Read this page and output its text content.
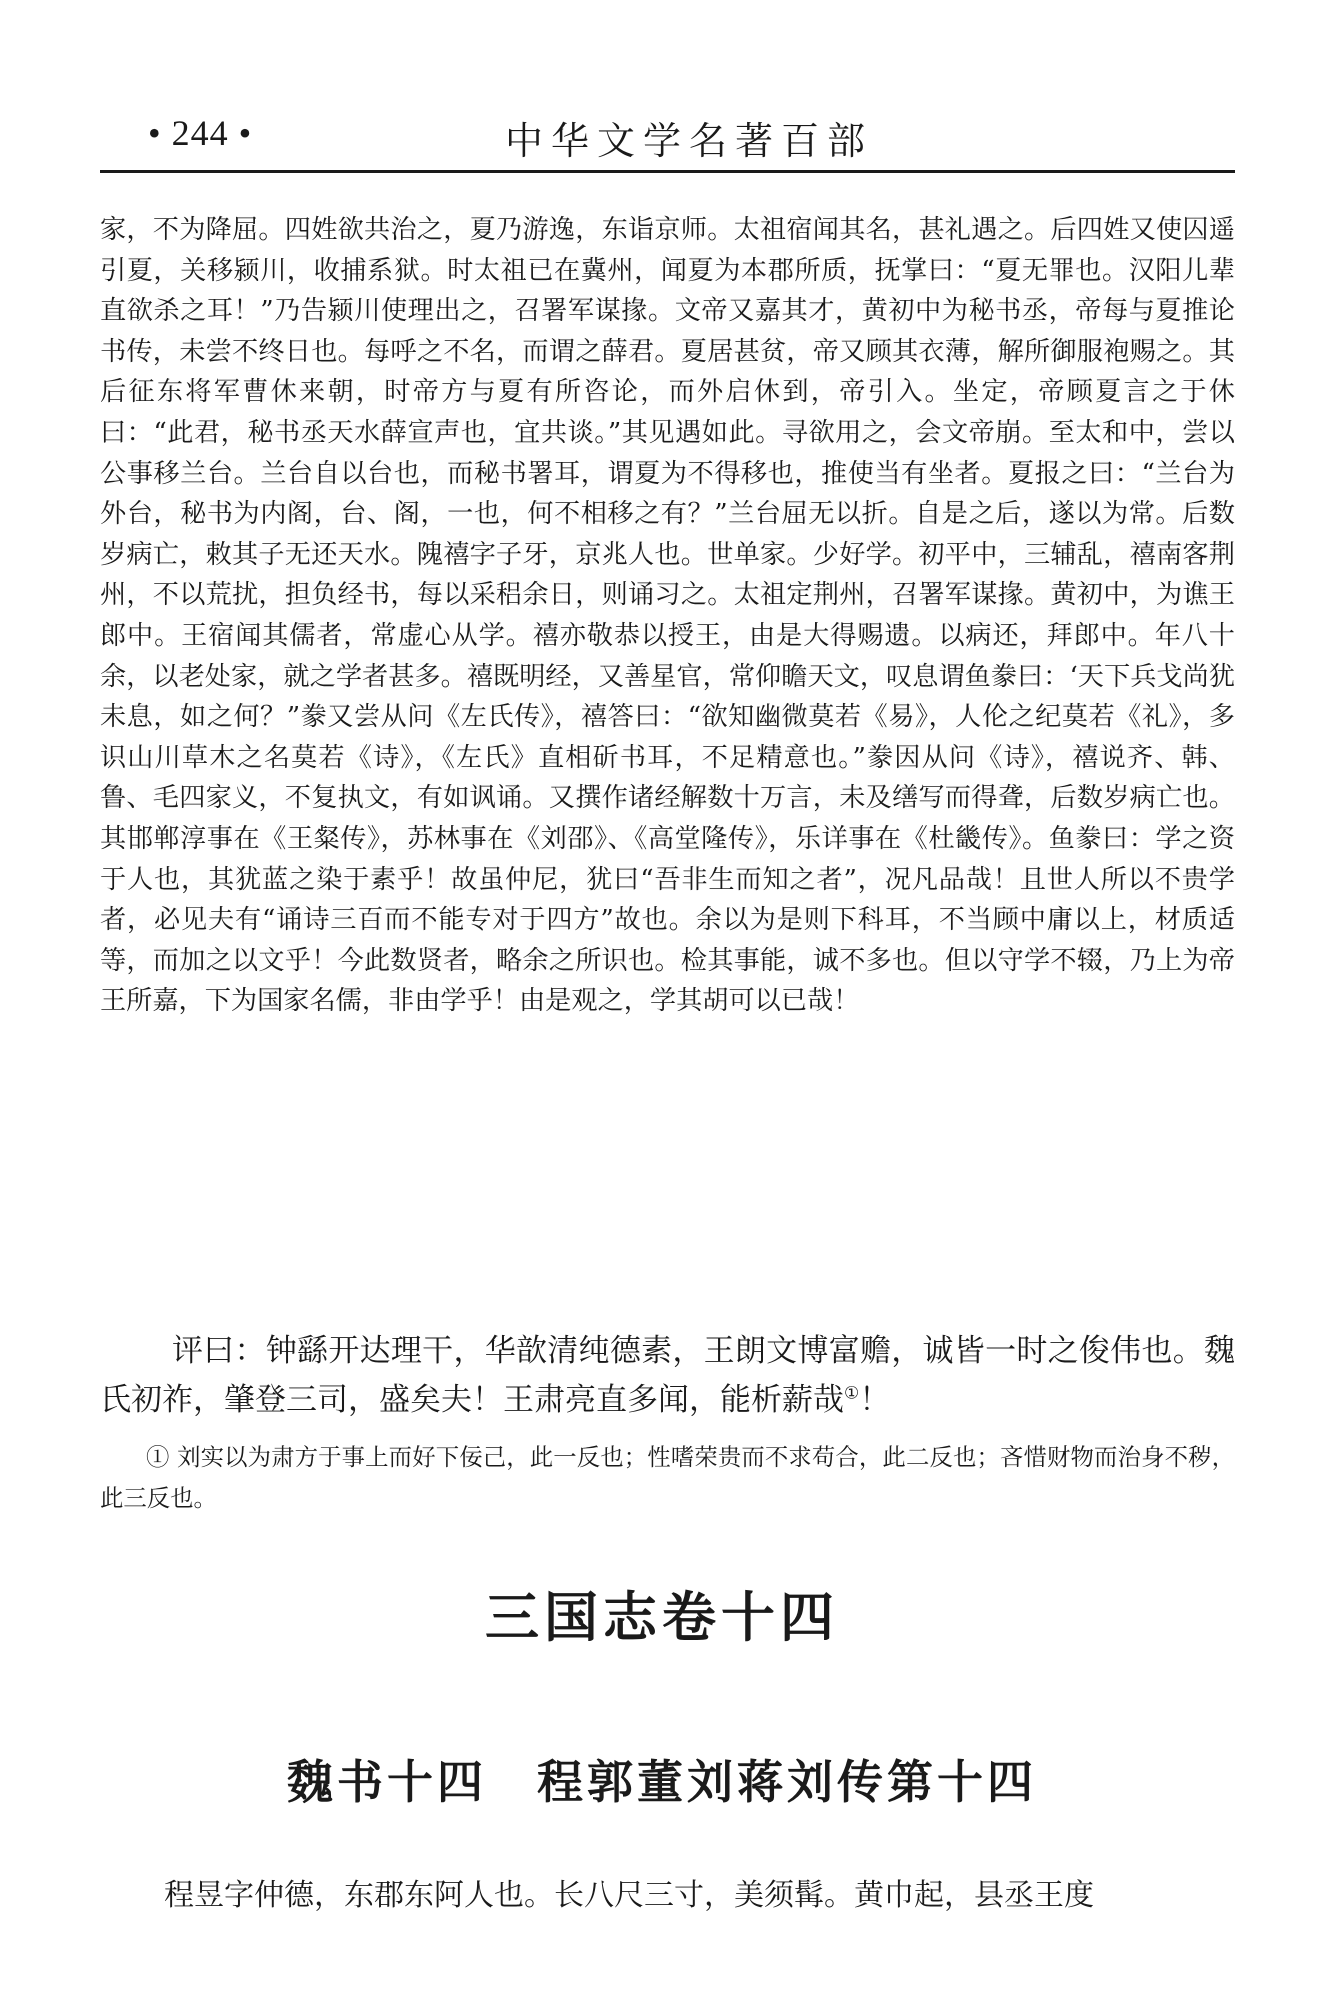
• 244 •	中华文学名著百部

家，不为降屈。四姓欲共治之，夏乃游逸，东诣京师。太祖宿闻其名，甚礼遇之。后四姓又使囚遥引夏，关移颍川，收捕系狱。时太祖已在冀州，闻夏为本郡所质，抚掌曰：“夏无罪也。汉阳儿辈直欲杀之耳！”乃告颍川使理出之，召署军谋掾。文帝又嘉其才，黄初中为秘书丞，帝每与夏推论书传，未尝不终日也。每呼之不名，而谓之薛君。夏居甚贫，帝又顾其衣薄，解所御服袍赐之。其后征东将军曹休来朝，时帝方与夏有所咨论，而外启休到，帝引入。坐定，帝顾夏言之于休曰：“此君，秘书丞天水薛宣声也，宜共谈。”其见遇如此。寻欲用之，会文帝崩。至太和中，尝以公事移兰台。兰台自以台也，而秘书署耳，谓夏为不得移也，推使当有坐者。夏报之曰：“兰台为外台，秘书为内阁，台、阁，一也，何不相移之有？”兰台屈无以折。自是之后，遂以为常。后数岁病亡，敕其子无还天水。隗禧字子牙，京兆人也。世单家。少好学。初平中，三辅乱，禧南客荆州，不以荒扰，担负经书，每以采稆余日，则诵习之。太祖定荆州，召署军谋掾。黄初中，为谯王郎中。王宿闻其儒者，常虚心从学。禧亦敬恭以授王，由是大得赐遗。以病还，拜郎中。年八十余，以老处家，就之学者甚多。禧既明经，又善星官，常仰瞻天文，叹息谓鱼豢曰：‘天下兵戈尚犹未息，如之何？”豢又尝从问《左氏传》，禧答曰：“欲知幽微莫若《易》，人伦之纪莫若《礼》，多识山川草木之名莫若《诗》，《左氏》直相斫书耳，不足精意也。”豢因从问《诗》，禧说齐、韩、鲁、毛四家义，不复执文，有如讽诵。又撰作诸经解数十万言，未及缮写而得聋，后数岁病亡也。其邯郸淳事在《王粲传》，苏林事在《刘邵》、《高堂隆传》，乐详事在《杜畿传》。鱼豢曰：学之资于人也，其犹蓝之染于素乎！故虽仲尼，犹曰“吾非生而知之者”，况凡品哉！且世人所以不贵学者，必见夫有“诵诗三百而不能专对于四方”故也。余以为是则下科耳，不当顾中庸以上，材质适等，而加之以文乎！今此数贤者，略余之所识也。检其事能，诚不多也。但以守学不辍，乃上为帝王所嘉，下为国家名儒，非由学乎！由是观之，学其胡可以已哉！

评曰：钟繇开达理干，华歆清纯德素，王朗文博富赡，诚皆一时之俊伟也。魏氏初祚，肇登三司，盛矣夫！王肃亮直多闻，能析薪哉①！

① 刘实以为肃方于事上而好下佞己，此一反也；性嗜荣贵而不求苟合，此二反也；吝惜财物而治身不秽，此三反也。

三国志卷十四
魏书十四　程郭董刘蒋刘传第十四

程昱字仲德，东郡东阿人也。长八尺三寸，美须髯。黄巾起，县丞王度
